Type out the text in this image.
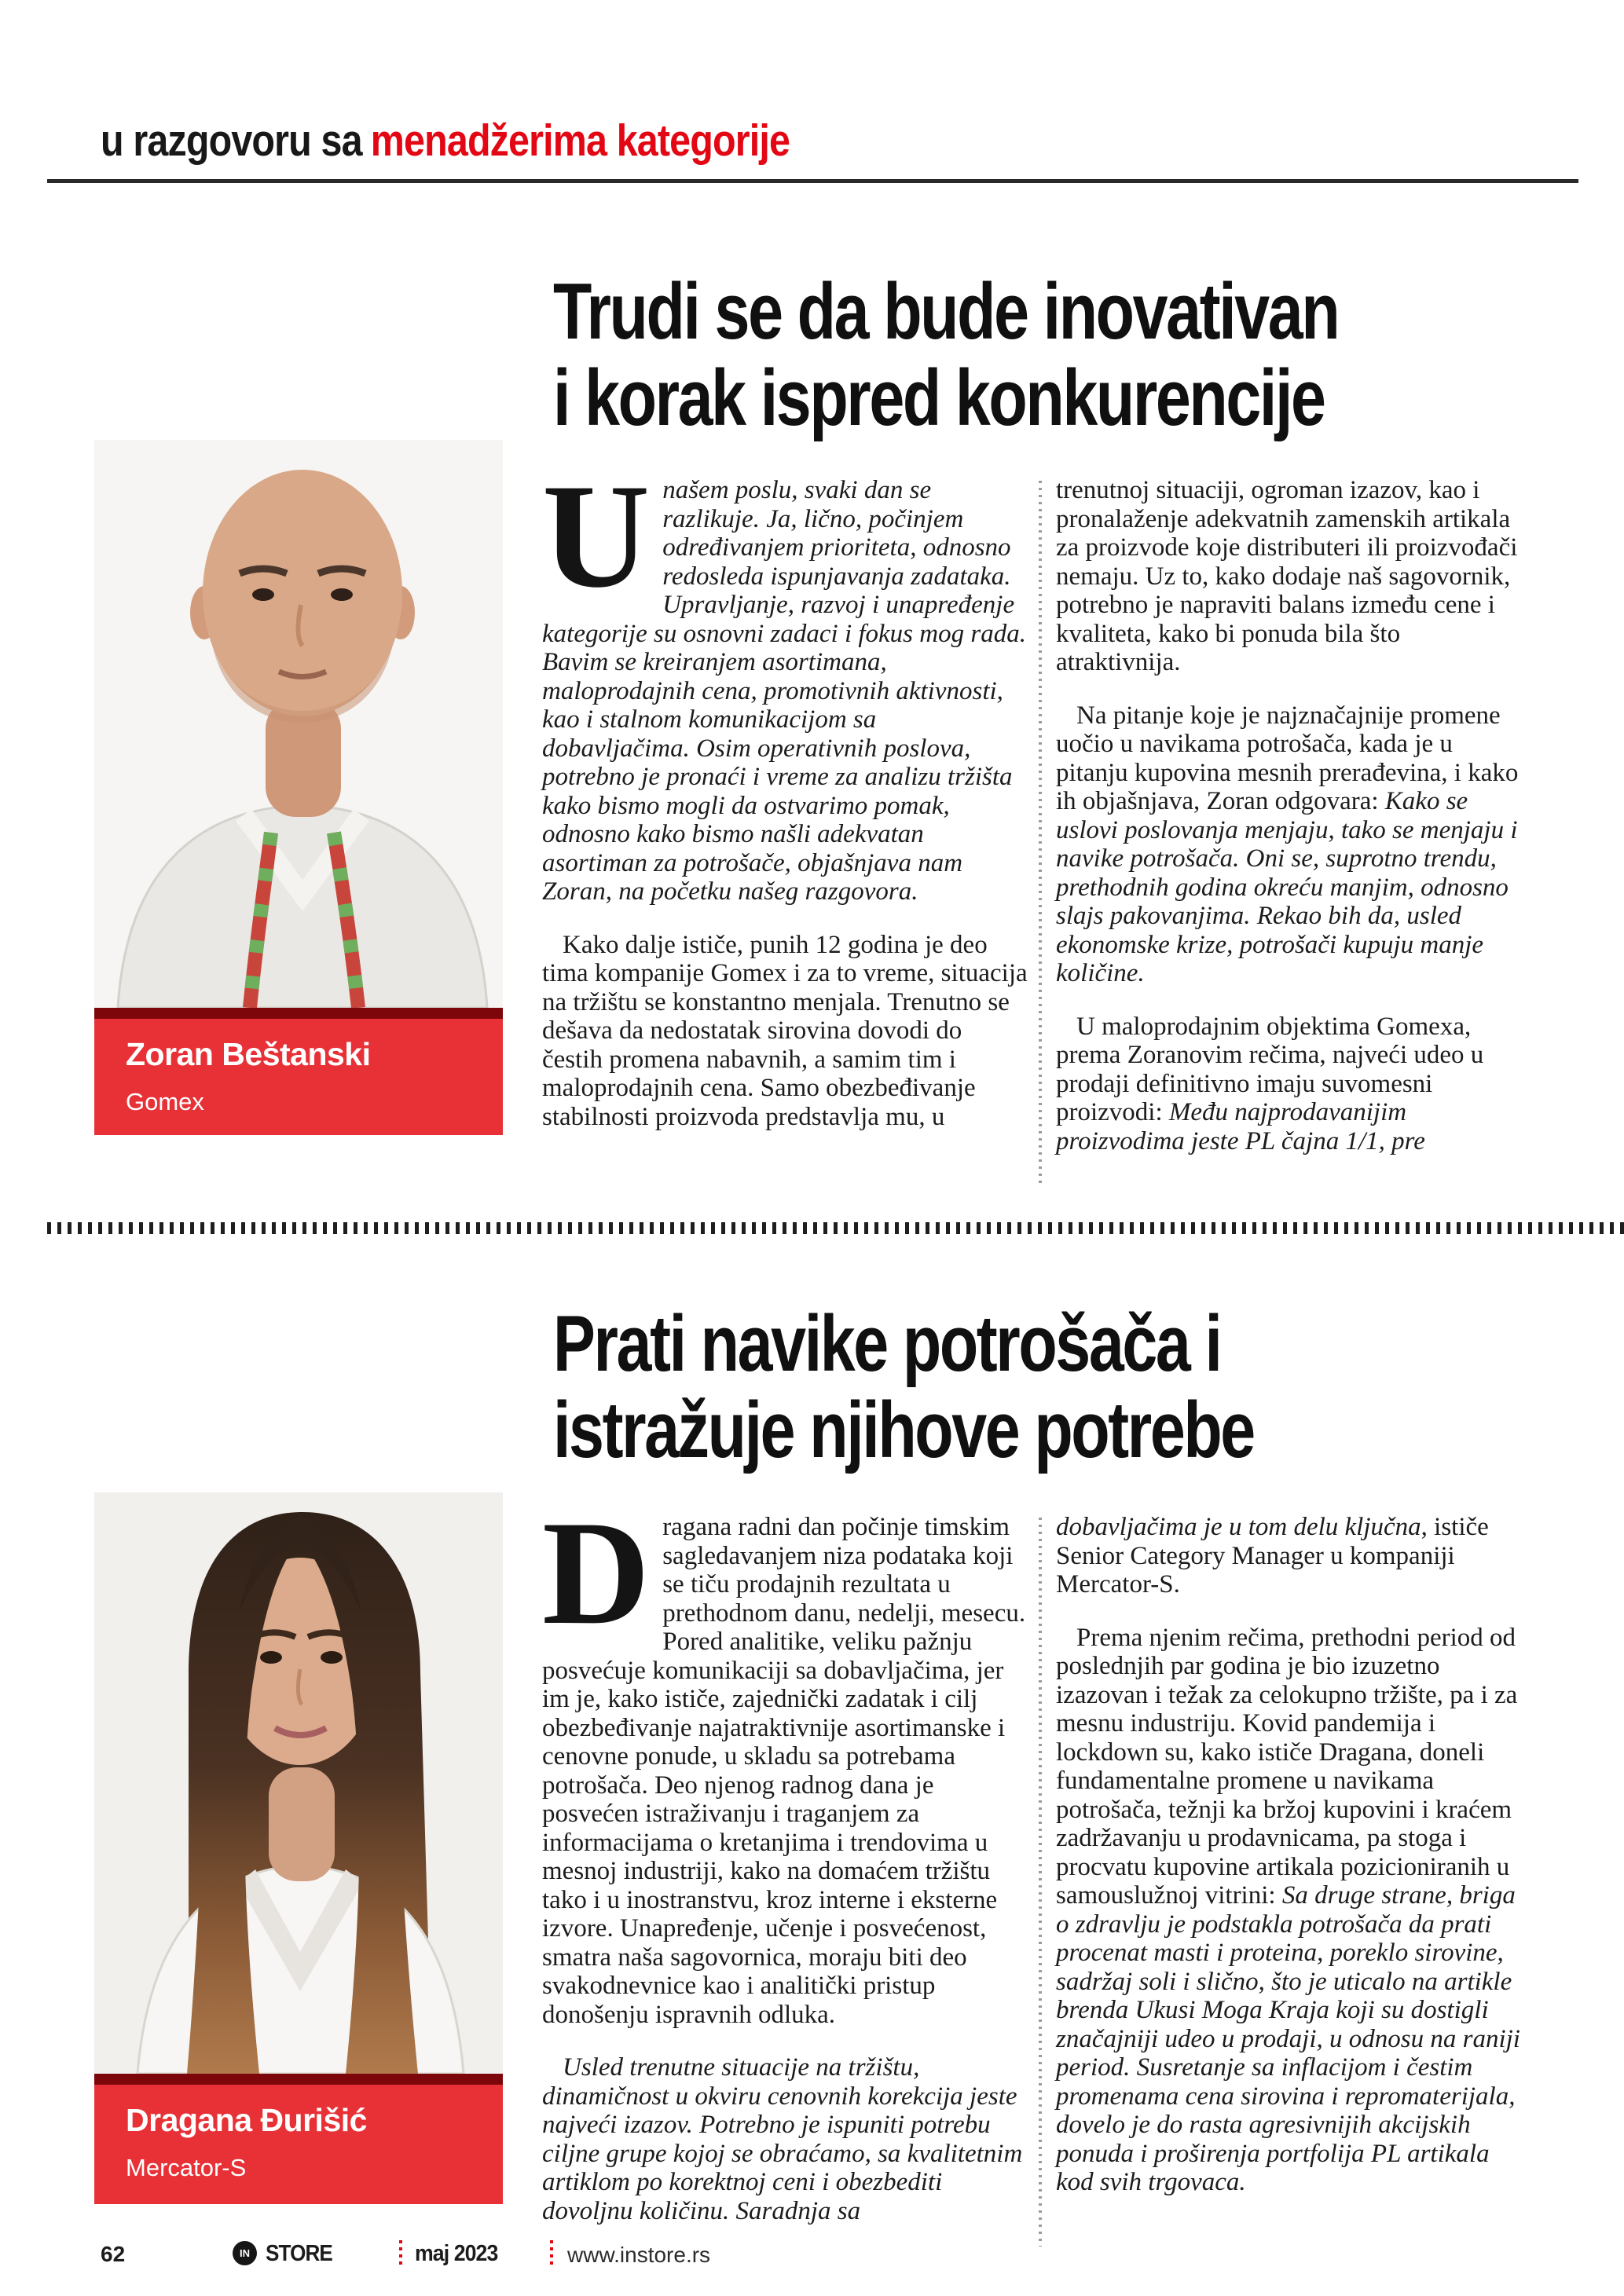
u razgovoru sa menadžerima kategorije
Trudi se da bude inovativan
i korak ispred konkurencije
Zoran Beštanski
Gomex

Unašem poslu, svaki dan se razlikuje. Ja, lično, počinjem određivanjem prioriteta, odnosno redosleda ispunjavanja zadataka. Upravljanje, razvoj i unapređenje kategorije su osnovni zadaci i fokus mog rada. Bavim se kreiranjem asortimana, maloprodajnih cena, promotivnih aktivnosti, kao i stalnom komunikacijom sa dobavljačima. Osim operativnih poslova, potrebno je pronaći i vreme za analizu tržišta kako bismo mogli da ostvarimo pomak, odnosno kako bismo našli adekvatan asortiman za potrošače, objašnjava nam Zoran, na početku našeg razgovora.

Kako dalje ističe, punih 12 godina je deo tima kompanije Gomex i za to vreme, situacija na tržištu se konstantno menjala. Trenutno se dešava da nedostatak sirovina dovodi do čestih promena nabavnih, a samim tim i maloprodajnih cena. Samo obezbeđivanje stabilnosti proizvoda predstavlja mu, u

trenutnoj situaciji, ogroman izazov, kao i pronalaženje adekvatnih zamenskih artikala za proizvode koje distributeri ili proizvođači nemaju. Uz to, kako dodaje naš sagovornik, potrebno je napraviti balans između cene i kvaliteta, kako bi ponuda bila što atraktivnija.

Na pitanje koje je najznačajnije promene uočio u navikama potrošača, kada je u pitanju kupovina mesnih prerađevina, i kako ih objašnjava, Zoran odgovara: Kako se uslovi poslovanja menjaju, tako se menjaju i navike potrošača. Oni se, suprotno trendu, prethodnih godina okreću manjim, odnosno slajs pakovanjima. Rekao bih da, usled ekonomske krize, potrošači kupuju manje količine.

U maloprodajnim objektima Gomexa, prema Zoranovim rečima, najveći udeo u prodaji definitivno imaju suvomesni proizvodi: Među najprodavanijim proizvodima jeste PL čajna 1/1, pre

Prati navike potrošača i
istražuje njihove potrebe
Dragana Đurišić
Mercator-S

Dragana radni dan počinje timskim sagledavanjem niza podataka koji se tiču prodajnih rezultata u prethodnom danu, nedelji, mesecu. Pored analitike, veliku pažnju posvećuje komunikaciji sa dobavljačima, jer im je, kako ističe, zajednički zadatak i cilj obezbeđivanje najatraktivnije asortimanske i cenovne ponude, u skladu sa potrebama potrošača. Deo njenog radnog dana je posvećen istraživanju i traganjem za informacijama o kretanjima i trendovima u mesnoj industriji, kako na domaćem tržištu tako i u inostranstvu, kroz interne i eksterne izvore. Unapređenje, učenje i posvećenost, smatra naša sagovornica, moraju biti deo svakodnevnice kao i analitički pristup donošenju ispravnih odluka.

Usled trenutne situacije na tržištu, dinamičnost u okviru cenovnih korekcija jeste najveći izazov. Potrebno je ispuniti potrebu ciljne grupe kojoj se obraćamo, sa kvalitetnim artiklom po korektnoj ceni i obezbediti dovoljnu količinu. Saradnja sa

dobavljačima je u tom delu ključna, ističe Senior Category Manager u kompaniji Mercator-S.

Prema njenim rečima, prethodni period od poslednjih par godina je bio izuzetno izazovan i težak za celokupno tržište, pa i za mesnu industriju. Kovid pandemija i lockdown su, kako ističe Dragana, doneli fundamentalne promene u navikama potrošača, težnji ka bržoj kupovini i kraćem zadržavanju u prodavnicama, pa stoga i procvatu kupovine artikala pozicioniranih u samouslužnoj vitrini: Sa druge strane, briga o zdravlju je podstakla potrošača da prati procenat masti i proteina, poreklo sirovine, sadržaj soli i slično, što je uticalo na artikle brenda Ukusi Moga Kraja koji su dostigli značajniji udeo u prodaji, u odnosu na raniji period. Susretanje sa inflacijom i čestim promenama cena sirovina i repromaterijala, dovelo je do rasta agresivnijih akcijskih ponuda i proširenja portfolija PL artikala kod svih trgovaca.

62	IN STORE	maj 2023	www.instore.rs
